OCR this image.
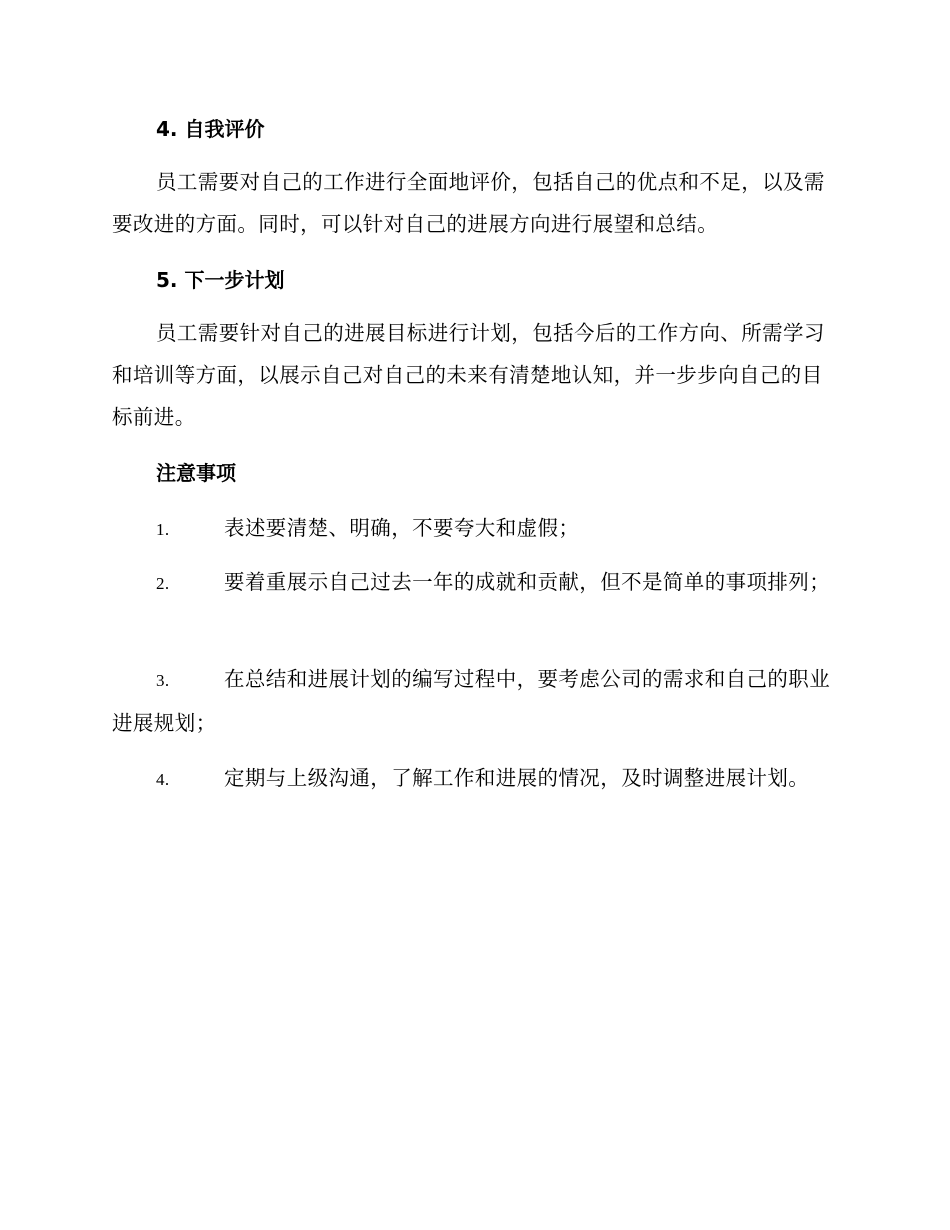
4. 自我评价
员工需要对自己的工作进行全面地评价，包括自己的优点和不足，以及需要改进的方面。同时，可以针对自己的进展方向进行展望和总结。
5. 下一步计划
员工需要针对自己的进展目标进行计划，包括今后的工作方向、所需学习和培训等方面，以展示自己对自己的未来有清楚地认知，并一步步向自己的目标前进。
注意事项
1.	表述要清楚、明确，不要夸大和虚假；
2.	要着重展示自己过去一年的成就和贡献，但不是简单的事项排列；
3.	在总结和进展计划的编写过程中，要考虑公司的需求和自己的职业进展规划；
4.	定期与上级沟通，了解工作和进展的情况，及时调整进展计划。
